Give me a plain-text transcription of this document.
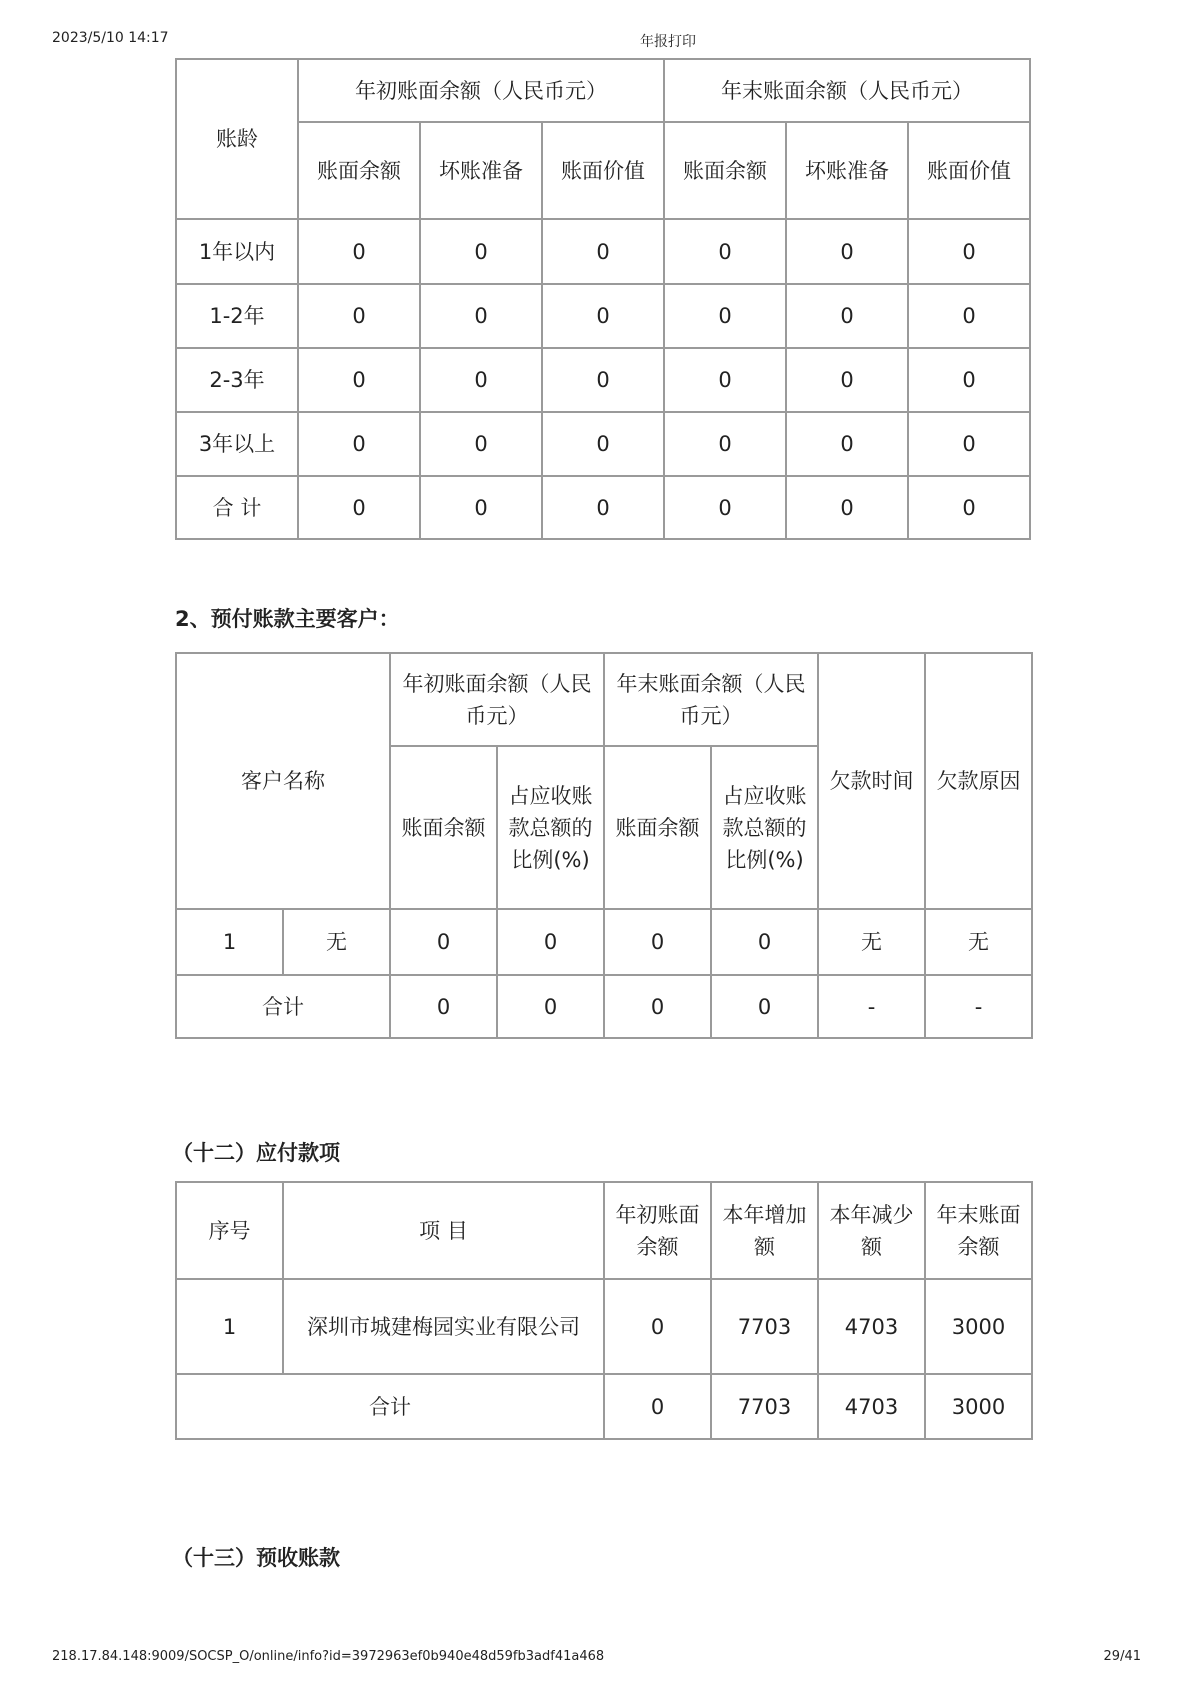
2023/5/10 14:17	年报打印
账龄	年初账面余额（人民币元）			年末账面余额（人民币元）		
	账面余额	坏账准备	账面价值	账面余额	坏账准备	账面价值
1年以内	0	0	0	0	0	0
1-2年	0	0	0	0	0	0
2-3年	0	0	0	0	0	0
3年以上	0	0	0	0	0	0
合 计	0	0	0	0	0	0
2、预付账款主要客户：
客户名称		年初账面余额（人民币元）		年末账面余额（人民币元）		欠款时间	欠款原因
		账面余额	占应收账款总额的比例(%)	账面余额	占应收账款总额的比例(%)		
1	无	0	0	0	0	无	无
合计		0	0	0	0	-	-
（十二）应付款项
序号	项 目	年初账面余额	本年增加额	本年减少额	年末账面余额
1	深圳市城建梅园实业有限公司	0	7703	4703	3000
合计		0	7703	4703	3000
（十三）预收账款
218.17.84.148:9009/SOCSP_O/online/info?id=3972963ef0b940e48d59fb3adf41a468	29/41
